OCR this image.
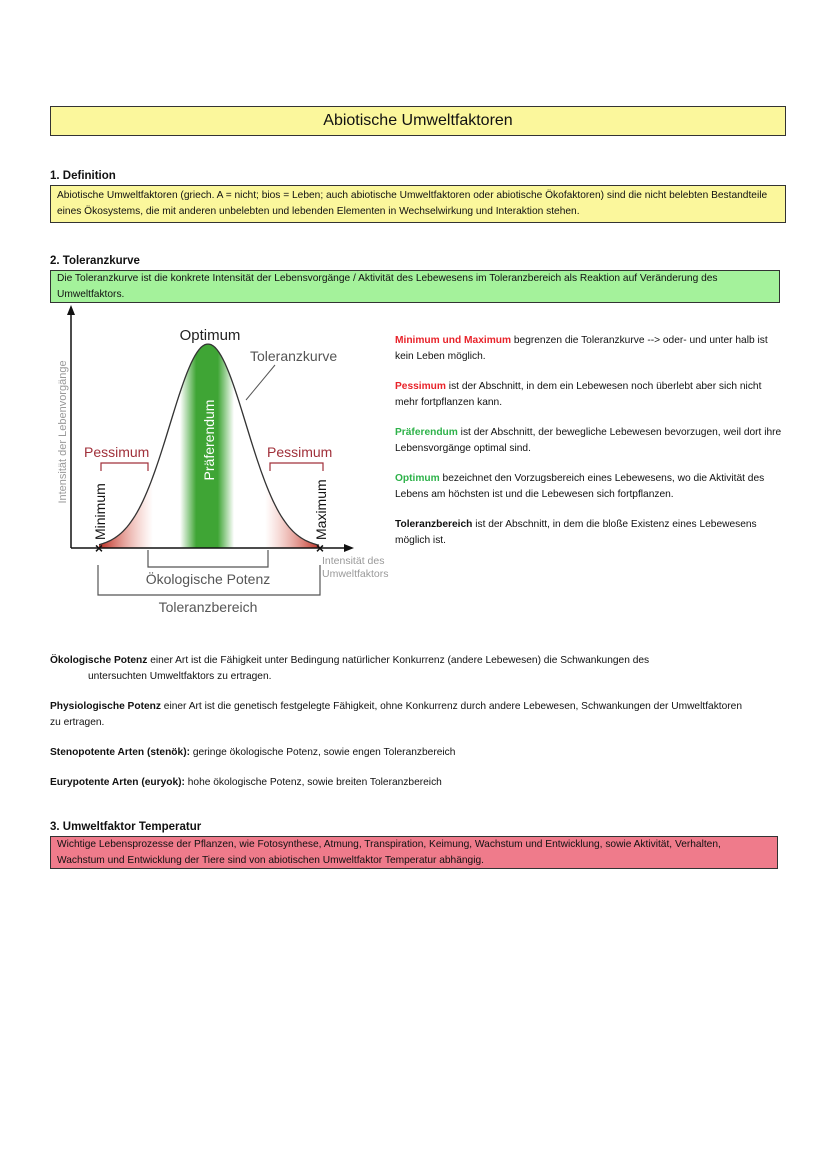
Abiotische Umweltfaktoren
1. Definition
Abiotische Umweltfaktoren (griech. A = nicht; bios = Leben; auch abiotische Umweltfaktoren oder abiotische Ökofaktoren) sind die nicht belebten Bestandteile eines Ökosystems, die mit anderen unbelebten und lebenden Elementen in Wechselwirkung und Interaktion stehen.
2. Toleranzkurve
Die Toleranzkurve ist die konkrete Intensität der Lebensvorgänge / Aktivität des Lebewesens im Toleranzbereich als Reaktion auf Veränderung des Umweltfaktors.
Intensität der Lebenvorgänge
Intensität des
Umweltfaktors
Optimum
Toleranzkurve
Pessimum	Pessimum
Präferendum
Minimum	Maximum
×	×
Ökologische Potenz
Toleranzbereich
Minimum und Maximum begrenzen die Toleranzkurve --> oder- und unter halb ist kein Leben möglich.
Pessimum ist der Abschnitt, in dem ein Lebewesen noch überlebt aber sich nicht mehr fortpflanzen kann.
Präferendum ist der Abschnitt, der bewegliche Lebewesen bevorzugen, weil dort ihre Lebensvorgänge optimal sind.
Optimum bezeichnet den Vorzugsbereich eines Lebewesens, wo die Aktivität des Lebens am höchsten ist und die Lebewesen sich fortpflanzen.
Toleranzbereich ist der Abschnitt, in dem die bloße Existenz eines Lebewesens möglich ist.
Ökologische Potenz einer Art ist die Fähigkeit unter Bedingung natürlicher Konkurrenz (andere Lebewesen) die Schwankungen des
untersuchten Umweltfaktors zu ertragen.
Physiologische Potenz einer Art ist die genetisch festgelegte Fähigkeit, ohne Konkurrenz durch andere Lebewesen, Schwankungen der Umweltfaktoren zu ertragen.
Stenopotente Arten (stenök): geringe ökologische Potenz, sowie engen Toleranzbereich
Eurypotente Arten (euryok): hohe ökologische Potenz, sowie breiten Toleranzbereich
3. Umweltfaktor Temperatur
Wichtige Lebensprozesse der Pflanzen, wie Fotosynthese, Atmung, Transpiration, Keimung, Wachstum und Entwicklung, sowie Aktivität, Verhalten, Wachstum und Entwicklung der Tiere sind von abiotischen Umweltfaktor Temperatur abhängig.
